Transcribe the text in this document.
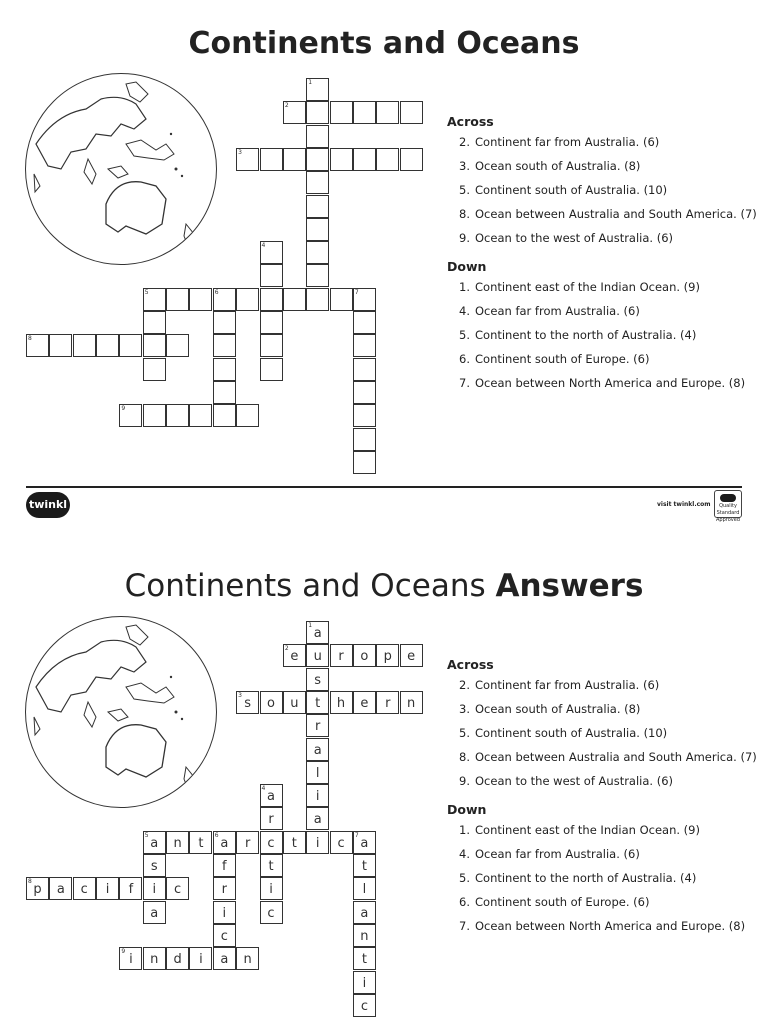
Continents and Oceans
1
2
3
4
5	6	7
8
9
Across
2. Continent far from Australia. (6)
3. Ocean south of Australia. (8)
5. Continent south of Australia. (10)
8. Ocean between Australia and South America. (7)
9. Ocean to the west of Australia. (6)
Down
1. Continent east of the Indian Ocean. (9)
4. Ocean far from Australia. (6)
5. Continent to the north of Australia. (4)
6. Continent south of Europe. (6)
7. Ocean between North America and Europe. (8)
twinkl	visit twinkl.com	Quality Standard Approved
Continents and Oceans Answers
1
a
u
s
t
r
a
l
i
a
2
e	r	o	p	e
3
s	o	u	h	e	r	n
4
a
r
c
t
i
c
5
a	n	t
6
a	r	t	i	c
7
a
s
i
a
f
r
i
c
a
t
l
a
n
t
i
c
8
p	a	c	i	f	c
9
i	n	d	i	n
Across
2. Continent far from Australia. (6)
3. Ocean south of Australia. (8)
5. Continent south of Australia. (10)
8. Ocean between Australia and South America. (7)
9. Ocean to the west of Australia. (6)
Down
1. Continent east of the Indian Ocean. (9)
4. Ocean far from Australia. (6)
5. Continent to the north of Australia. (4)
6. Continent south of Europe. (6)
7. Ocean between North America and Europe. (8)
